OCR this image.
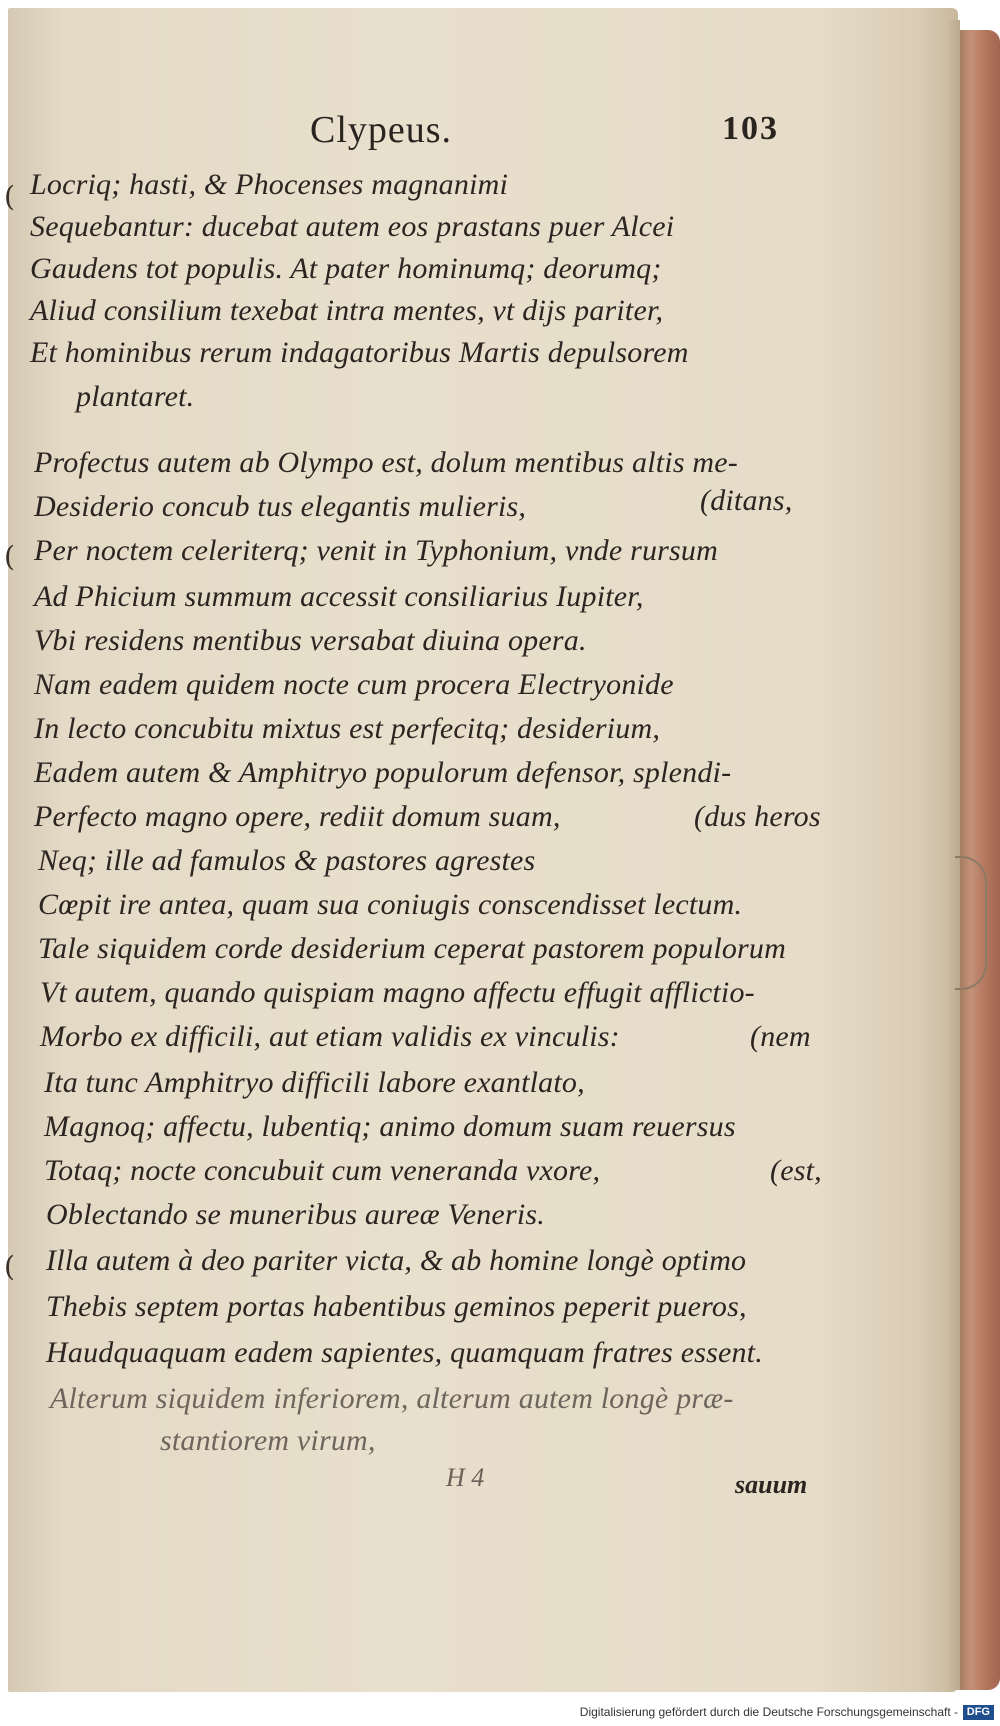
Clypeus.	103
Locriq; hasti, & Phocenses magnanimi
Sequebantur: ducebat autem eos prastans puer Alcei
Gaudens tot populis. At pater hominumq; deorumq;
Aliud consilium texebat intra mentes, vt dijs pariter,
Et hominibus rerum indagatoribus Martis depulsorem
plantaret.
Profectus autem ab Olympo est, dolum mentibus altis me-
Desiderio concub tus elegantis mulieris,	(ditans,
Per noctem celeriterq; venit in Typhonium, vnde rursum
Ad Phicium summum accessit consiliarius Iupiter,
Vbi residens mentibus versabat diuina opera.
Nam eadem quidem nocte cum procera Electryonide
In lecto concubitu mixtus est perfecitq; desiderium,
Eadem autem & Amphitryo populorum defensor, splendi-
Perfecto magno opere, rediit domum suam,	(dus heros
Neq; ille ad famulos & pastores agrestes
Cœpit ire antea, quam sua coniugis conscendisset lectum.
Tale siquidem corde desiderium ceperat pastorem populorum
Vt autem, quando quispiam magno affectu effugit afflictio-
Morbo ex difficili, aut etiam validis ex vinculis:	(nem
Ita tunc Amphitryo difficili labore exantlato,
Magnoq; affectu, lubentiq; animo domum suam reuersus
Totaq; nocte concubuit cum veneranda vxore,	(est,
Oblectando se muneribus aureæ Veneris.
Illa autem à deo pariter victa, & ab homine longè optimo
Thebis septem portas habentibus geminos peperit pueros,
Haudquaquam eadem sapientes, quamquam fratres essent.
Alterum siquidem inferiorem, alterum autem longè præ-
stantiorem virum,
(
(
(
H 4	sauum
Digitalisierung gefördert durch die Deutsche Forschungsgemeinschaft - DFG
